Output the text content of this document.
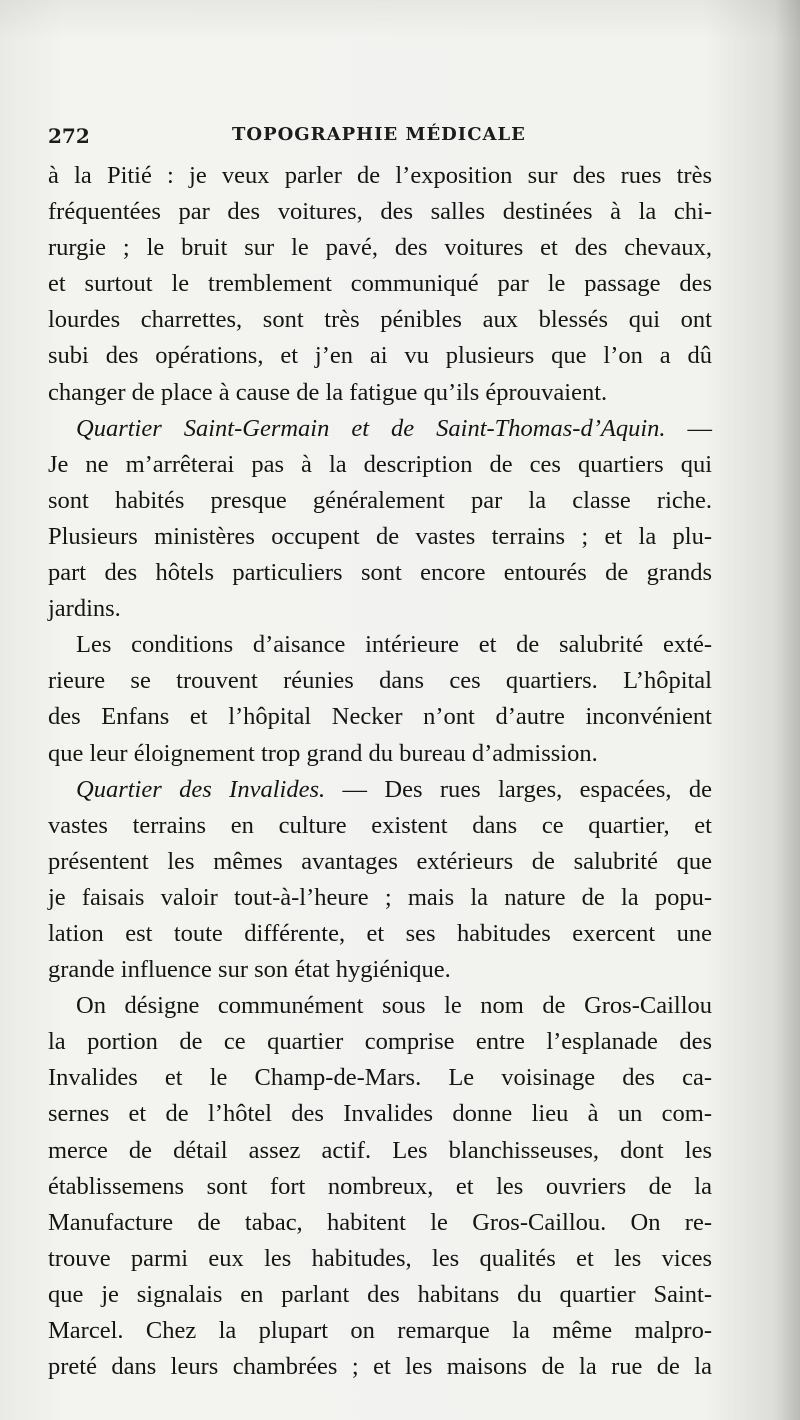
272	TOPOGRAPHIE MÉDICALE
à la Pitié : je veux parler de l’exposition sur des rues très
fréquentées par des voitures, des salles destinées à la chi-
rurgie ; le bruit sur le pavé, des voitures et des chevaux,
et surtout le tremblement communiqué par le passage des
lourdes charrettes, sont très pénibles aux blessés qui ont
subi des opérations, et j’en ai vu plusieurs que l’on a dû
changer de place à cause de la fatigue qu’ils éprouvaient.
Quartier Saint-Germain et de Saint-Thomas-d’Aquin. —
Je ne m’arrêterai pas à la description de ces quartiers qui
sont habités presque généralement par la classe riche.
Plusieurs ministères occupent de vastes terrains ; et la plu-
part des hôtels particuliers sont encore entourés de grands
jardins.
Les conditions d’aisance intérieure et de salubrité exté-
rieure se trouvent réunies dans ces quartiers. L’hôpital
des Enfans et l’hôpital Necker n’ont d’autre inconvénient
que leur éloignement trop grand du bureau d’admission.
Quartier des Invalides. — Des rues larges, espacées, de
vastes terrains en culture existent dans ce quartier, et
présentent les mêmes avantages extérieurs de salubrité que
je faisais valoir tout-à-l’heure ; mais la nature de la popu-
lation est toute différente, et ses habitudes exercent une
grande influence sur son état hygiénique.
On désigne communément sous le nom de Gros-Caillou
la portion de ce quartier comprise entre l’esplanade des
Invalides et le Champ-de-Mars. Le voisinage des ca-
sernes et de l’hôtel des Invalides donne lieu à un com-
merce de détail assez actif. Les blanchisseuses, dont les
établissemens sont fort nombreux, et les ouvriers de la
Manufacture de tabac, habitent le Gros-Caillou. On re-
trouve parmi eux les habitudes, les qualités et les vices
que je signalais en parlant des habitans du quartier Saint-
Marcel. Chez la plupart on remarque la même malpro-
preté dans leurs chambrées ; et les maisons de la rue de la
